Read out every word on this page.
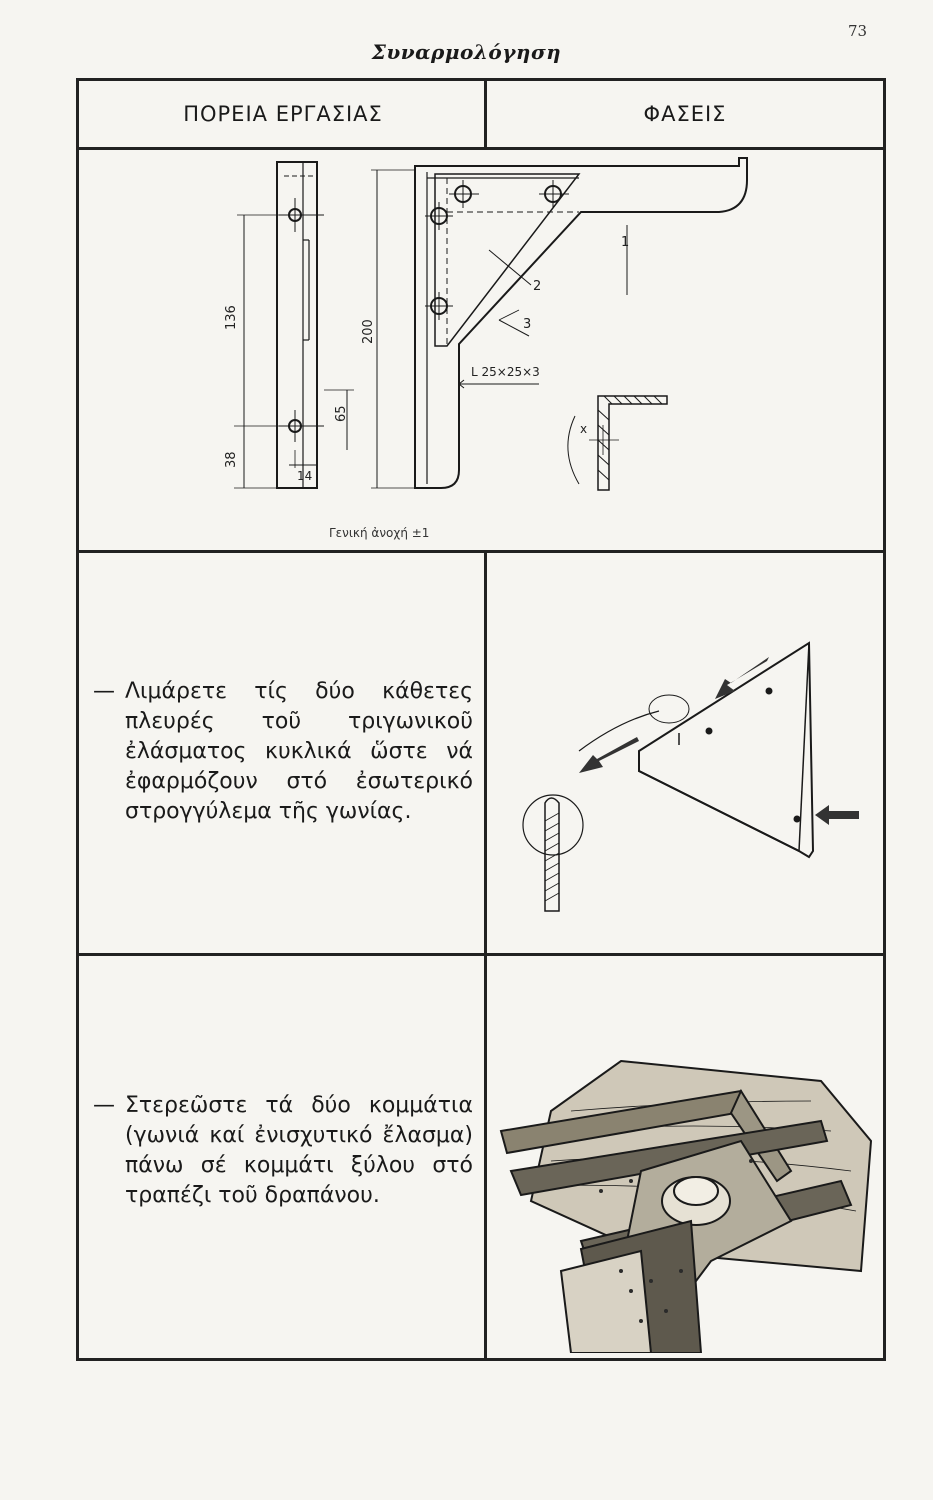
73
Συναρμολόγηση
ΠΟΡΕΙΑ ΕΡΓΑΣΙΑΣ	ΦΑΣΕΙΣ
136
38
14
65
200
1
2
3
L 25×25×3
x
Γενική ἀνοχή ±1
— Λιμάρετε τίς δύο κάθετες πλευρές τοῦ τριγωνικοῦ ἐλάσματος κυκλικά ὥστε νά ἐφαρμόζουν στό ἐσωτερικό στρογγύλεμα τῆς γωνίας.
— Στερεῶστε τά δύο κομμάτια (γωνιά καί ἐνισχυτικό ἔλασμα) πάνω σέ κομμάτι ξύλου στό τραπέζι τοῦ δραπάνου.
